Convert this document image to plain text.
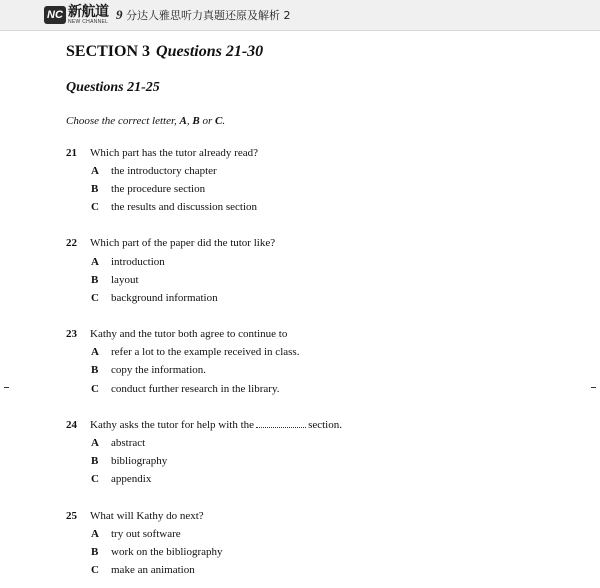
NC 新航道
NEW CHANNEL 9 分达人雅思听力真题还原及解析 2
SECTION 3 Questions 21-30
Questions 21-25
Choose the correct letter, A, B or C.
21 Which part has the tutor already read?
A the introductory chapter
B the procedure section
C the results and discussion section
22 Which part of the paper did the tutor like?
A introduction
B layout
C background information
23 Kathy and the tutor both agree to continue to
A refer a lot to the example received in class.
B copy the information.
C conduct further research in the library.
24 Kathy asks the tutor for help with the	section.
A abstract
B bibliography
C appendix
25 What will Kathy do next?
A try out software
B work on the bibliography
C make an animation
